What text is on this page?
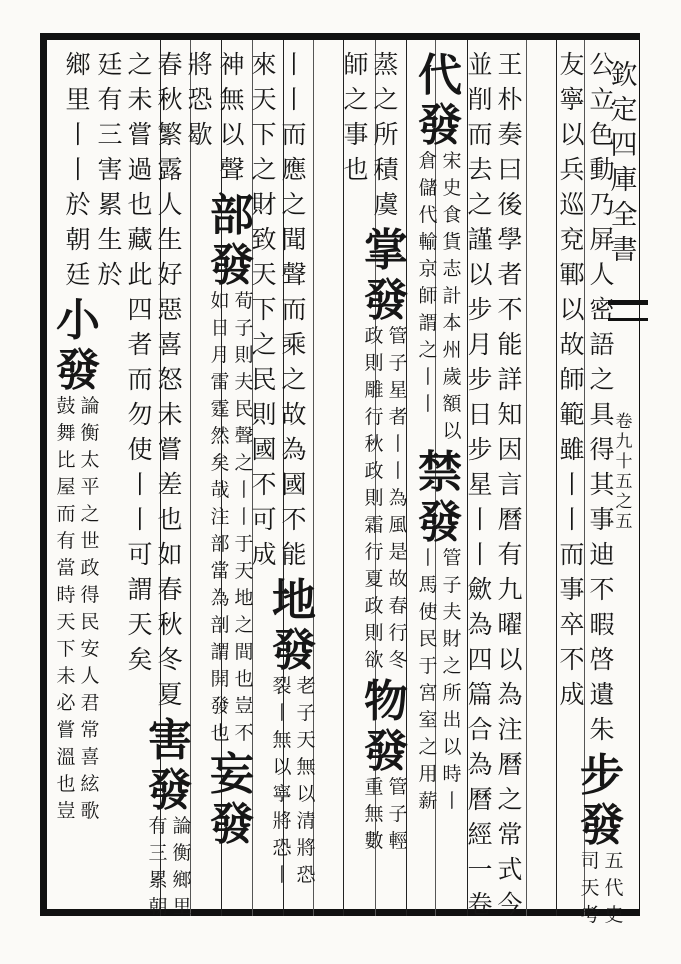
欽
定
四
庫
全
書
卷
九
十
五
之
五
公
立
色
動
乃
屏
人
密
語
之
具
得
其
事
迪
不
暇
啓
遺
朱
步
發
五
代
史
司
天
考
友
寧
以
兵
巡
兗
鄆
以
故
師
範
雖
丨
丨
而
事
卒
不
成
王
朴
奏
曰
後
學
者
不
能
詳
知
因
言
曆
有
九
曜
以
為
注
曆
之
常
式
今
並
削
而
去
之
謹
以
步
月
步
日
步
星
丨
丨
歛
為
四
篇
合
為
曆
經
一
卷
代
發
宋
史
食
貨
志
計
本
州
歲
額
以
倉
儲
代
輸
京
師
謂
之
丨
丨
禁
發
管
子
夫
財
之
所
出
以
時
丨
丨
馬
使
民
于
宮
室
之
用
薪
蒸
之
所
積
虞
掌
發
管
子
星
者
丨
丨
為
風
是
故
春
行
冬
政
則
雕
行
秋
政
則
霜
行
夏
政
則
欲
物
發
管
子
輕
重
無
數
師
之
事
也
丨
丨
而
應
之
聞
聲
而
乘
之
故
為
國
不
能
地
發
老
子
天
無
以
清
將
恐
裂
丨
無
以
寧
將
恐
丨
來
天
下
之
財
致
天
下
之
民
則
國
不
可
成
神
無
以
聲
部
發
荀
子
則
夫
民
聲
之
丨
丨
于
天
地
之
間
也
豈
不
如
日
月
雷
霆
然
矣
哉
注
部
當
為
剖
謂
開
發
也
妄
發
將
恐
歇
春
秋
繁
露
人
生
好
惡
喜
怒
未
嘗
差
也
如
春
秋
冬
夏
害
發
論
衡
鄉
里
有
三
累
朝
之
未
嘗
過
也
藏
此
四
者
而
勿
使
丨
丨
可
謂
天
矣
廷
有
三
害
累
生
於
鄉
里
丨
丨
於
朝
廷
小
發
論
衡
太
平
之
世
政
得
民
安
人
君
常
喜
絃
歌
鼓
舞
比
屋
而
有
當
時
天
下
未
必
嘗
溫
也
豈
